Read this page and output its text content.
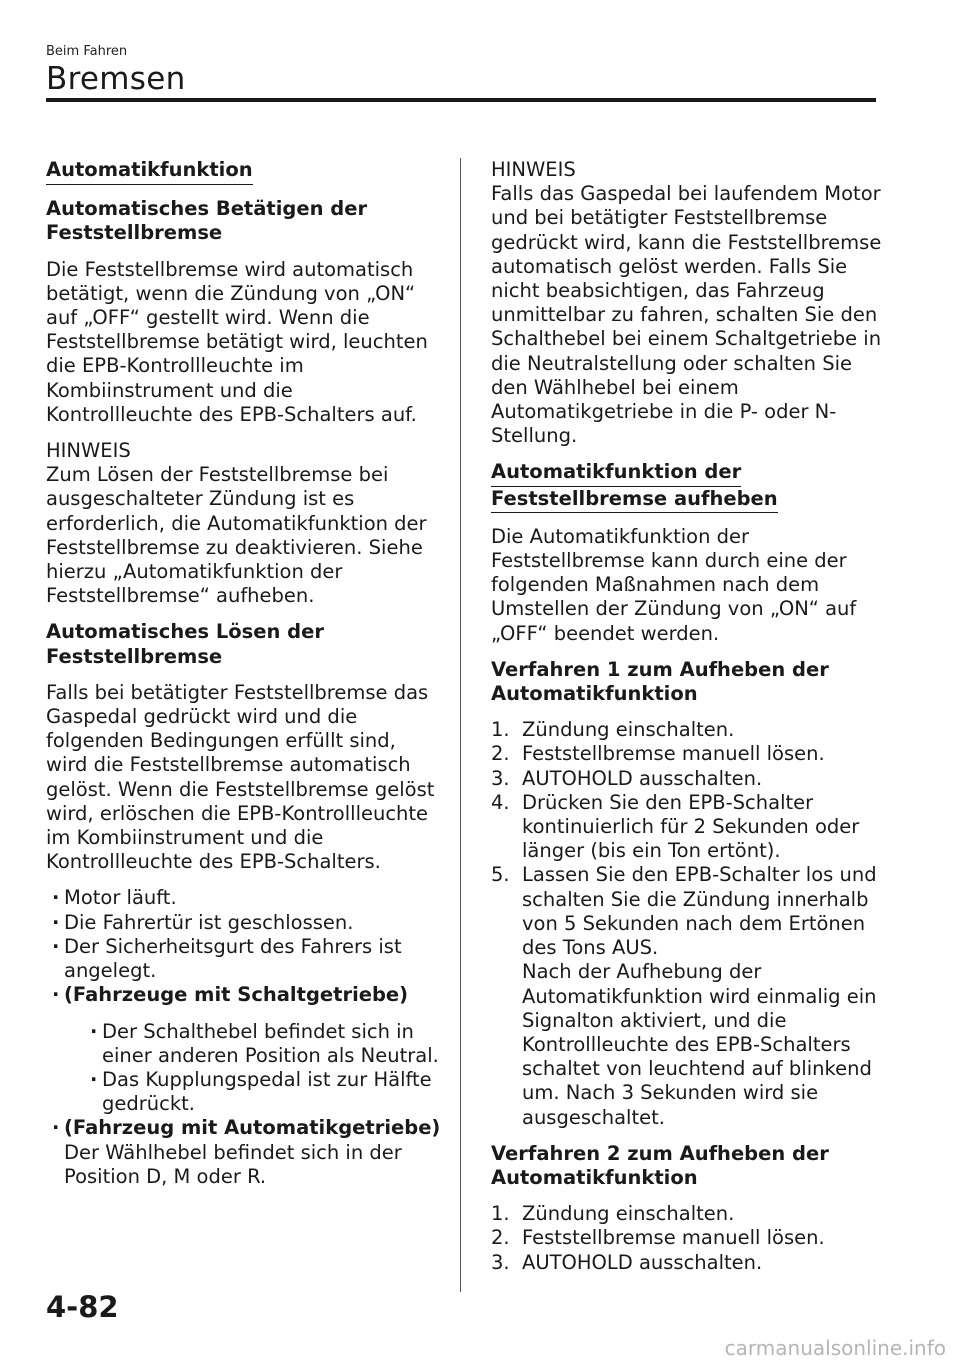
Beim Fahren
Bremsen
Automatikfunktion
Automatisches Betätigen der
Feststellbremse

Die Feststellbremse wird automatisch betätigt, wenn die Zündung von „ON“ auf „OFF“ gestellt wird. Wenn die Feststellbremse betätigt wird, leuchten die EPB-Kontrollleuchte im Kombiinstrument und die Kontrollleuchte des EPB-Schalters auf.

HINWEIS
Zum Lösen der Feststellbremse bei ausgeschalteter Zündung ist es erforderlich, die Automatikfunktion der Feststellbremse zu deaktivieren. Siehe hierzu „Automatikfunktion der Feststellbremse“ aufheben.

Automatisches Lösen der
Feststellbremse

Falls bei betätigter Feststellbremse das Gaspedal gedrückt wird und die folgenden Bedingungen erfüllt sind, wird die Feststellbremse automatisch gelöst. Wenn die Feststellbremse gelöst wird, erlöschen die EPB-Kontrollleuchte im Kombiinstrument und die Kontrollleuchte des EPB-Schalters.

· Motor läuft.
· Die Fahrertür ist geschlossen.
· Der Sicherheitsgurt des Fahrers ist angelegt.
· (Fahrzeuge mit Schaltgetriebe)
· Der Schalthebel befindet sich in einer anderen Position als Neutral.
· Das Kupplungspedal ist zur Hälfte gedrückt.
· (Fahrzeug mit Automatikgetriebe)
Der Wählhebel befindet sich in der Position D, M oder R.

HINWEIS
Falls das Gaspedal bei laufendem Motor und bei betätigter Feststellbremse gedrückt wird, kann die Feststellbremse automatisch gelöst werden. Falls Sie nicht beabsichtigen, das Fahrzeug unmittelbar zu fahren, schalten Sie den Schalthebel bei einem Schaltgetriebe in die Neutralstellung oder schalten Sie den Wählhebel bei einem Automatikgetriebe in die P- oder N-Stellung.

Automatikfunktion der
Feststellbremse aufheben

Die Automatikfunktion der Feststellbremse kann durch eine der folgenden Maßnahmen nach dem Umstellen der Zündung von „ON“ auf „OFF“ beendet werden.

Verfahren 1 zum Aufheben der
Automatikfunktion
1. Zündung einschalten.
2. Feststellbremse manuell lösen.
3. AUTOHOLD ausschalten.
4. Drücken Sie den EPB-Schalter kontinuierlich für 2 Sekunden oder länger (bis ein Ton ertönt).
5. Lassen Sie den EPB-Schalter los und schalten Sie die Zündung innerhalb von 5 Sekunden nach dem Ertönen des Tons AUS.
Nach der Aufhebung der Automatikfunktion wird einmalig ein Signalton aktiviert, und die Kontrollleuchte des EPB-Schalters schaltet von leuchtend auf blinkend um. Nach 3 Sekunden wird sie ausgeschaltet.
Verfahren 2 zum Aufheben der
Automatikfunktion
1. Zündung einschalten.
2. Feststellbremse manuell lösen.
3. AUTOHOLD ausschalten.
4-82
carmanualsonline.info
